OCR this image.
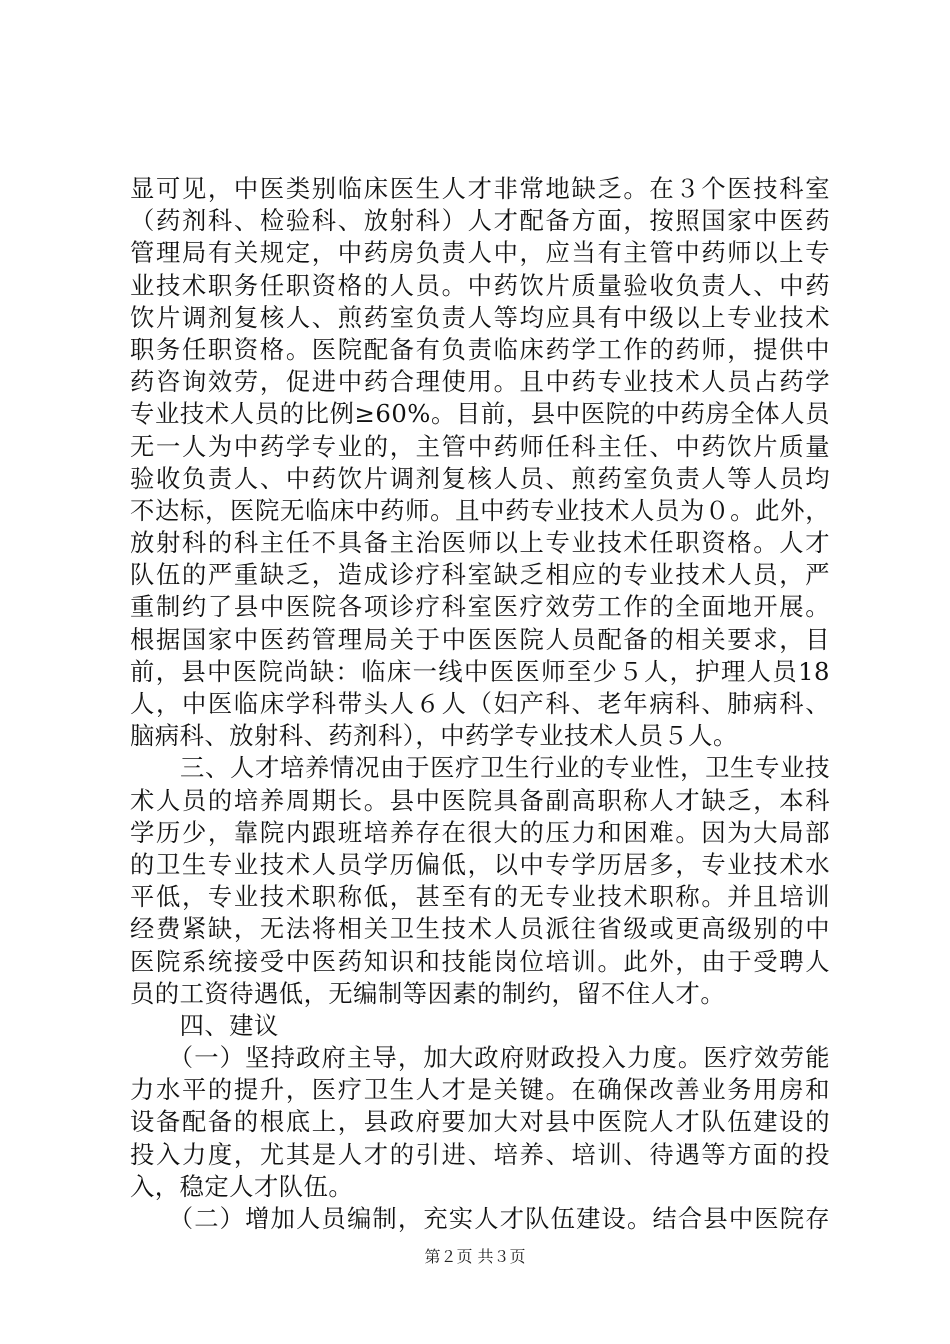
显可见，中医类别临床医生人才非常地缺乏。在３个医技科室
（药剂科、检验科、放射科）人才配备方面，按照国家中医药
管理局有关规定，中药房负责人中，应当有主管中药师以上专
业技术职务任职资格的人员。中药饮片质量验收负责人、中药
饮片调剂复核人、煎药室负责人等均应具有中级以上专业技术
职务任职资格。医院配备有负责临床药学工作的药师，提供中
药咨询效劳，促进中药合理使用。且中药专业技术人员占药学
专业技术人员的比例≥60%。目前，县中医院的中药房全体人员
无一人为中药学专业的，主管中药师任科主任、中药饮片质量
验收负责人、中药饮片调剂复核人员、煎药室负责人等人员均
不达标，医院无临床中药师。且中药专业技术人员为０。此外，
放射科的科主任不具备主治医师以上专业技术任职资格。人才
队伍的严重缺乏，造成诊疗科室缺乏相应的专业技术人员，严
重制约了县中医院各项诊疗科室医疗效劳工作的全面地开展。
根据国家中医药管理局关于中医医院人员配备的相关要求，目
前，县中医院尚缺：临床一线中医医师至少５人，护理人员18
人，中医临床学科带头人６人（妇产科、老年病科、肺病科、
脑病科、放射科、药剂科），中药学专业技术人员５人。
　　三、人才培养情况由于医疗卫生行业的专业性，卫生专业技
术人员的培养周期长。县中医院具备副高职称人才缺乏，本科
学历少，靠院内跟班培养存在很大的压力和困难。因为大局部
的卫生专业技术人员学历偏低，以中专学历居多，专业技术水
平低，专业技术职称低，甚至有的无专业技术职称。并且培训
经费紧缺，无法将相关卫生技术人员派往省级或更高级别的中
医院系统接受中医药知识和技能岗位培训。此外，由于受聘人
员的工资待遇低，无编制等因素的制约，留不住人才。
　　四、建议
　　（一）坚持政府主导，加大政府财政投入力度。医疗效劳能
力水平的提升，医疗卫生人才是关键。在确保改善业务用房和
设备配备的根底上，县政府要加大对县中医院人才队伍建设的
投入力度，尤其是人才的引进、培养、培训、待遇等方面的投
入，稳定人才队伍。
　　（二）增加人员编制，充实人才队伍建设。结合县中医院存
第２页 共３页
